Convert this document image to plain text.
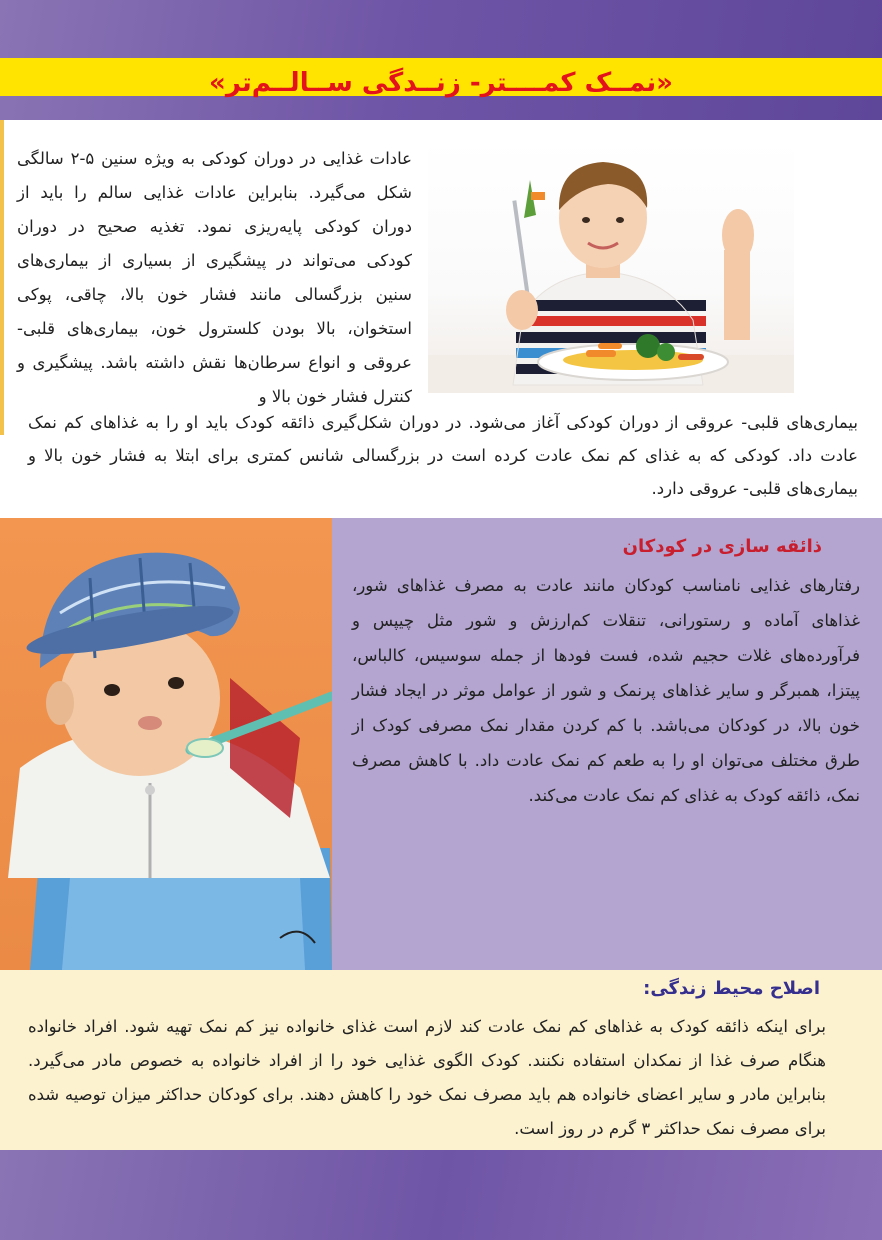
«نمــک کمــــتر- زنــدگی ســالــم‌تر»

عادات غذایی در دوران کودکی به ویژه سنین ۵-۲ سالگی شکل می‌گیرد. بنابراین عادات غذایی سالم را باید از دوران کودکی پایه‌ریزی نمود. تغذیه صحیح در دوران کودکی می‌تواند در پیشگیری از بسیاری از بیماری‌های سنین بزرگسالی مانند فشار خون بالا، چاقی، پوکی استخوان، بالا بودن کلسترول خون، بیماری‌های قلبی- عروقی و انواع سرطان‌ها نقش داشته باشد. پیشگیری و کنترل فشار خون بالا و

بیماری‌های قلبی- عروقی از دوران کودکی آغاز می‌شود. در دوران شکل‌گیری ذائقه کودک باید او را به غذاهای کم نمک عادت داد. کودکی که به غذای کم نمک عادت کرده است در بزرگسالی شانس کمتری برای ابتلا به فشار خون بالا و بیماری‌های قلبی- عروقی دارد.

ذائقه سازی در کودکان

رفتارهای غذایی نامناسب کودکان مانند عادت به مصرف غذاهای شور، غذاهای آماده و رستورانی، تنقلات کم‌ارزش و شور مثل چیپس و فرآورده‌های غلات حجیم شده، فست فودها از جمله سوسیس، کالباس، پیتزا، همبرگر و سایر غذاهای پرنمک و شور از عوامل موثر در ایجاد فشار خون بالا، در کودکان می‌باشد. با کم کردن مقدار نمک مصرفی کودک از طرق مختلف می‌توان او را به طعم کم نمک عادت داد. با کاهش مصرف نمک، ذائقه کودک به غذای کم نمک عادت می‌کند.

اصلاح محیط زندگی:

برای اینکه ذائقه کودک به غذاهای کم نمک عادت کند لازم است غذای خانواده نیز کم نمک تهیه شود. افراد خانواده هنگام صرف غذا از نمکدان استفاده نکنند. کودک الگوی غذایی خود را از افراد خانواده به خصوص مادر می‌گیرد. بنابراین مادر و سایر اعضای خانواده هم باید مصرف نمک خود را کاهش دهند. برای کودکان حداکثر میزان توصیه شده برای مصرف نمک حداکثر ۳ گرم در روز است.
